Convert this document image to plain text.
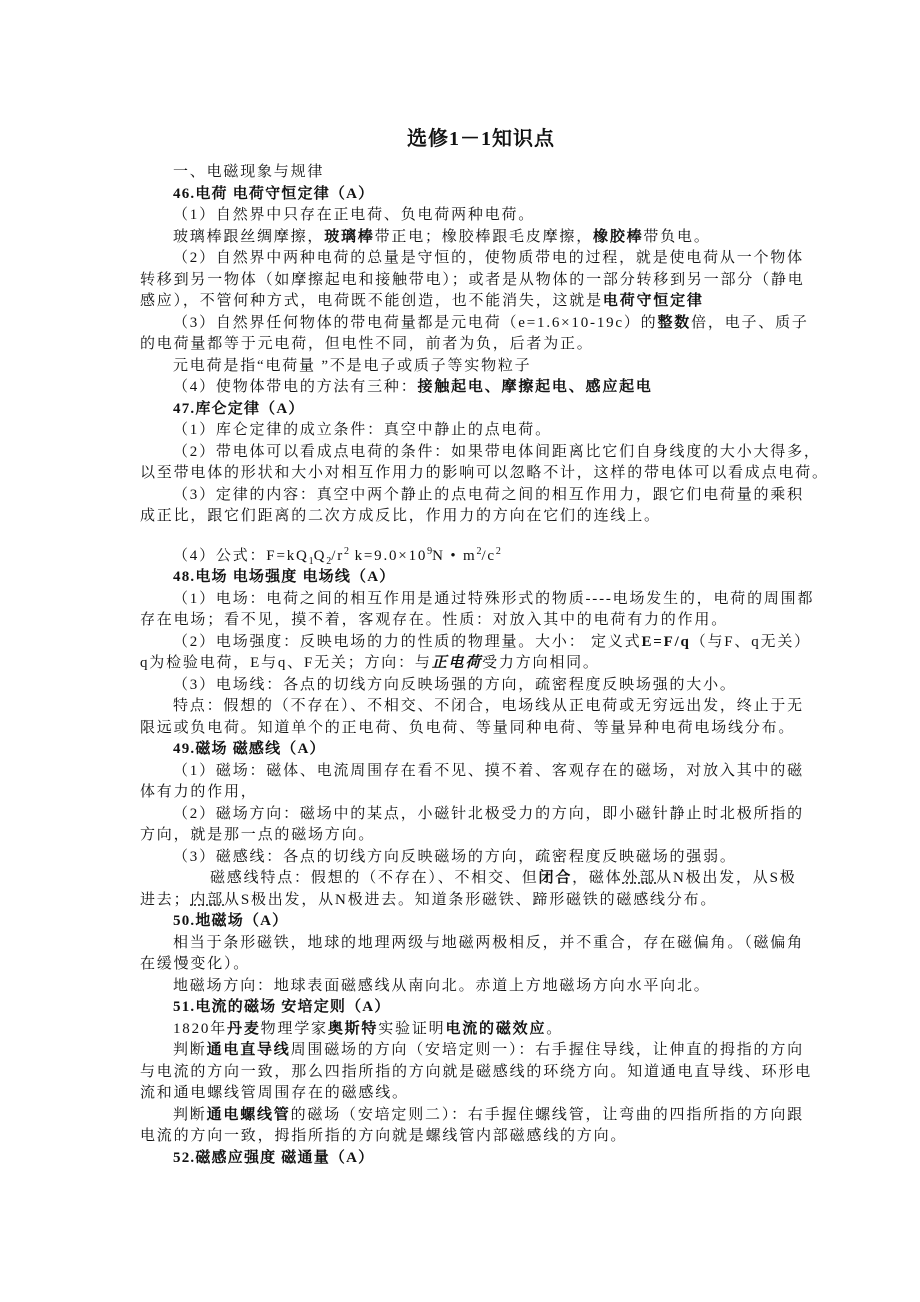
选修1－1知识点
一、电磁现象与规律
46.电荷 电荷守恒定律（A）
（1）自然界中只存在正电荷、负电荷两种电荷。
玻璃棒跟丝绸摩擦，玻璃棒带正电；橡胶棒跟毛皮摩擦，橡胶棒带负电。
（2）自然界中两种电荷的总量是守恒的，使物质带电的过程，就是使电荷从一个物体
转移到另一物体（如摩擦起电和接触带电）；或者是从物体的一部分转移到另一部分（静电
感应），不管何种方式，电荷既不能创造，也不能消失，这就是电荷守恒定律
（3）自然界任何物体的带电荷量都是元电荷（e=1.6×10-19c）的整数倍，电子、质子
的电荷量都等于元电荷，但电性不同，前者为负，后者为正。
元电荷是指“电荷量 ”不是电子或质子等实物粒子
（4）使物体带电的方法有三种：接触起电、摩擦起电、感应起电
47.库仑定律（A）
（1）库仑定律的成立条件：真空中静止的点电荷。
（2）带电体可以看成点电荷的条件：如果带电体间距离比它们自身线度的大小大得多，
以至带电体的形状和大小对相互作用力的影响可以忽略不计，这样的带电体可以看成点电荷。
（3）定律的内容：真空中两个静止的点电荷之间的相互作用力，跟它们电荷量的乘积
成正比，跟它们距离的二次方成反比，作用力的方向在它们的连线上。
（4）公式：$F=kQ_1Q_2/r^2$ $k=9.0\times 10^9N$ • $m^2/c^2$
48.电场 电场强度 电场线（A）
（1）电场：电荷之间的相互作用是通过特殊形式的物质----电场发生的，电荷的周围都
存在电场；看不见，摸不着，客观存在。性质：对放入其中的电荷有力的作用。
（2）电场强度：反映电场的力的性质的物理量。大小： 定义式E=F/q（与F、q无关）
q为检验电荷，E与q、F无关；方向：与正电荷受力方向相同。
（3）电场线：各点的切线方向反映场强的方向，疏密程度反映场强的大小。
特点：假想的（不存在）、不相交、不闭合，电场线从正电荷或无穷远出发，终止于无
限远或负电荷。知道单个的正电荷、负电荷、等量同种电荷、等量异种电荷电场线分布。
49.磁场 磁感线（A）
（1）磁场：磁体、电流周围存在看不见、摸不着、客观存在的磁场，对放入其中的磁
体有力的作用，
（2）磁场方向：磁场中的某点，小磁针北极受力的方向，即小磁针静止时北极所指的
方向，就是那一点的磁场方向。
（3）磁感线：各点的切线方向反映磁场的方向，疏密程度反映磁场的强弱。
磁感线特点：假想的（不存在）、不相交、但闭合，磁体外部从N极出发，从S极
进去；内部从S极出发，从N极进去。知道条形磁铁、蹄形磁铁的磁感线分布。
50.地磁场（A）
相当于条形磁铁，地球的地理两级与地磁两极相反，并不重合，存在磁偏角。（磁偏角
在缓慢变化）。
地磁场方向：地球表面磁感线从南向北。赤道上方地磁场方向水平向北。
51.电流的磁场 安培定则（A）
1820年丹麦物理学家奥斯特实验证明电流的磁效应。
判断通电直导线周围磁场的方向（安培定则一）：右手握住导线，让伸直的拇指的方向
与电流的方向一致，那么四指所指的方向就是磁感线的环绕方向。知道通电直导线、环形电
流和通电螺线管周围存在的磁感线。
判断通电螺线管的磁场（安培定则二）：右手握住螺线管，让弯曲的四指所指的方向跟
电流的方向一致，拇指所指的方向就是螺线管内部磁感线的方向。
52.磁感应强度 磁通量（A）
